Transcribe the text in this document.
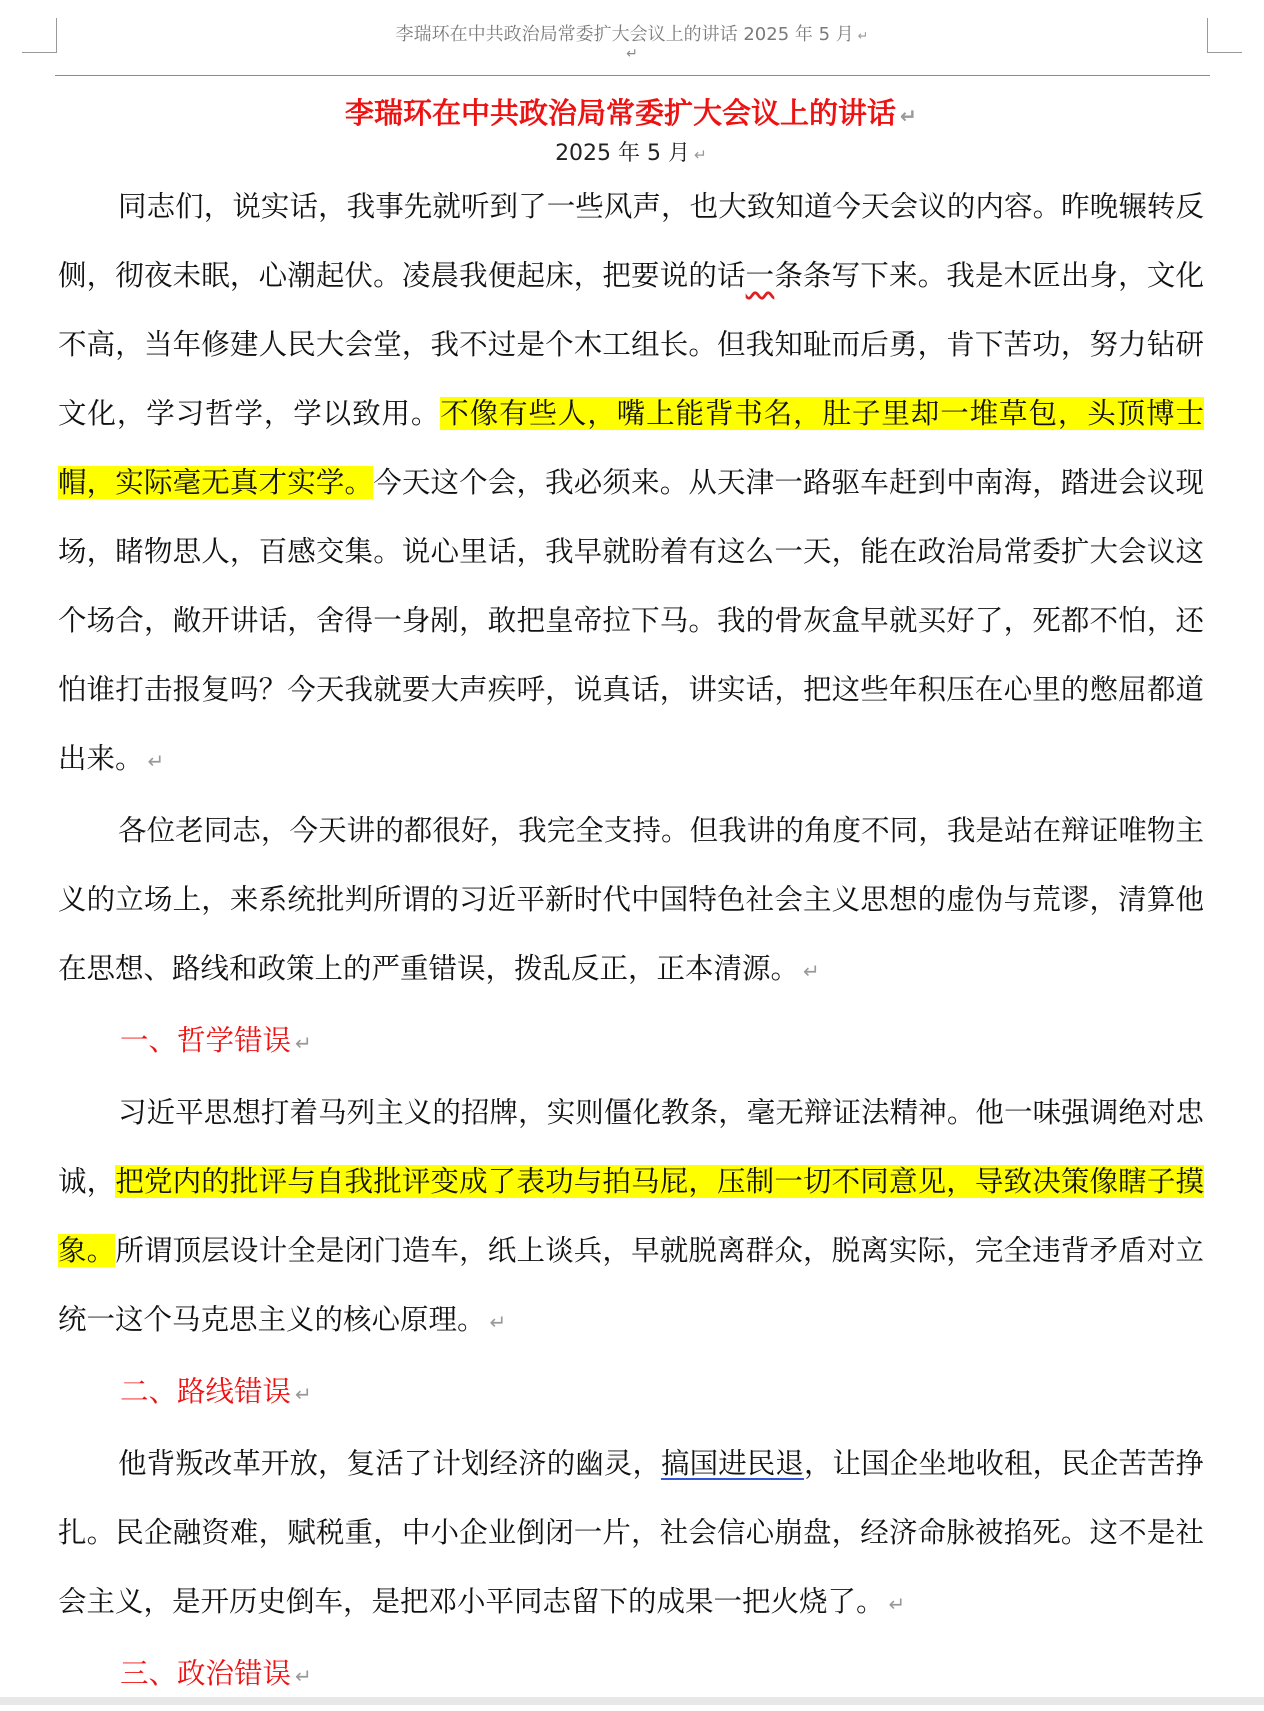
李瑞环在中共政治局常委扩大会议上的讲话 2025 年 5 月 ↵
↵
李瑞环在中共政治局常委扩大会议上的讲话 ↵
2025 年 5 月 ↵

同志们，说实话，我事先就听到了一些风声，也大致知道今天会议的内容。昨晚辗转反侧，彻夜未眠，心潮起伏。凌晨我便起床，把要说的话一条条写下来。我是木匠出身，文化不高，当年修建人民大会堂，我不过是个木工组长。但我知耻而后勇，肯下苦功，努力钻研文化，学习哲学，学以致用。不像有些人，嘴上能背书名，肚子里却一堆草包，头顶博士帽，实际毫无真才实学。今天这个会，我必须来。从天津一路驱车赶到中南海，踏进会议现场，睹物思人，百感交集。说心里话，我早就盼着有这么一天，能在政治局常委扩大会议这个场合，敞开讲话，舍得一身剐，敢把皇帝拉下马。我的骨灰盒早就买好了，死都不怕，还怕谁打击报复吗？今天我就要大声疾呼，说真话，讲实话，把这些年积压在心里的憋屈都道出来。 ↵

各位老同志，今天讲的都很好，我完全支持。但我讲的角度不同，我是站在辩证唯物主义的立场上，来系统批判所谓的习近平新时代中国特色社会主义思想的虚伪与荒谬，清算他在思想、路线和政策上的严重错误，拨乱反正，正本清源。 ↵

一、哲学错误 ↵

习近平思想打着马列主义的招牌，实则僵化教条，毫无辩证法精神。他一味强调绝对忠诚，把党内的批评与自我批评变成了表功与拍马屁，压制一切不同意见，导致决策像瞎子摸象。所谓顶层设计全是闭门造车，纸上谈兵，早就脱离群众，脱离实际，完全违背矛盾对立统一这个马克思主义的核心原理。 ↵

二、路线错误 ↵

他背叛改革开放，复活了计划经济的幽灵，搞国进民退，让国企坐地收租，民企苦苦挣扎。民企融资难，赋税重，中小企业倒闭一片，社会信心崩盘，经济命脉被掐死。这不是社会主义，是开历史倒车，是把邓小平同志留下的成果一把火烧了。 ↵

三、政治错误 ↵
